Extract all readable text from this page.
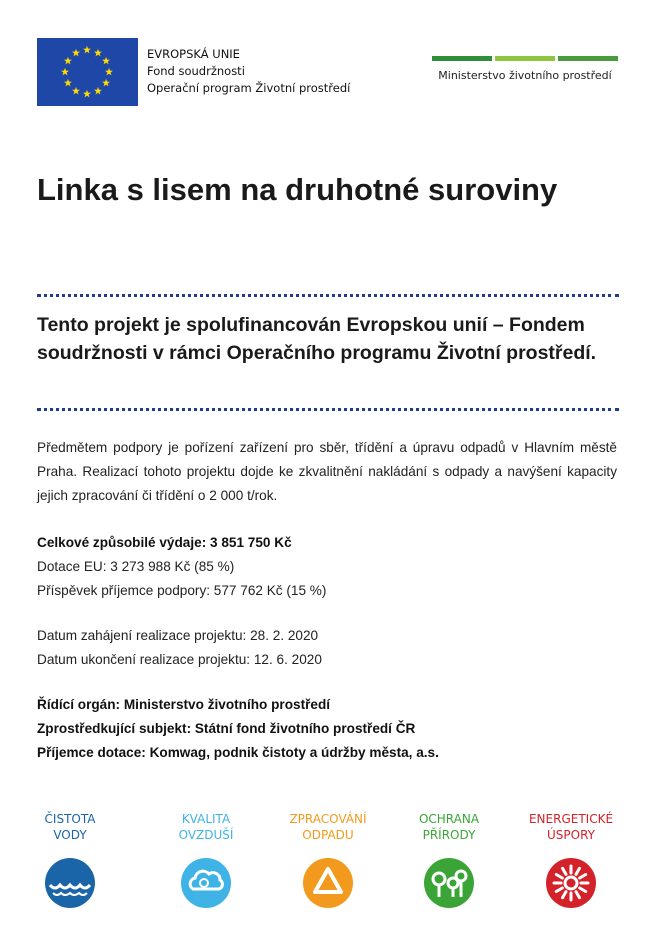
EVROPSKÁ UNIE
Fond soudržnosti
Operační program Životní prostředí
Ministerstvo životního prostředí
Linka s lisem na druhotné suroviny
Tento projekt je spolufinancován Evropskou unií – Fondem soudržnosti v rámci Operačního programu Životní prostředí.
Předmětem podpory je pořízení zařízení pro sběr, třídění a úpravu odpadů v Hlavním městě Praha. Realizací tohoto projektu dojde ke zkvalitnění nakládání s odpady a navýšení kapacity jejich zpracování či třídění o 2 000 t/rok.
Celkové způsobilé výdaje: 3 851 750 Kč
Dotace EU: 3 273 988 Kč (85 %)
Příspěvek příjemce podpory: 577 762 Kč (15 %)
Datum zahájení realizace projektu: 28. 2. 2020
Datum ukončení realizace projektu: 12. 6. 2020
Řídící orgán: Ministerstvo životního prostředí
Zprostředkující subjekt: Státní fond životního prostředí ČR
Příjemce dotace: Komwag, podnik čistoty a údržby města, a.s.
ČISTOTA
VODY
KVALITA
OVZDUŠÍ
ZPRACOVÁNÍ
ODPADU
OCHRANA
PŘÍRODY
ENERGETICKÉ
ÚSPORY
